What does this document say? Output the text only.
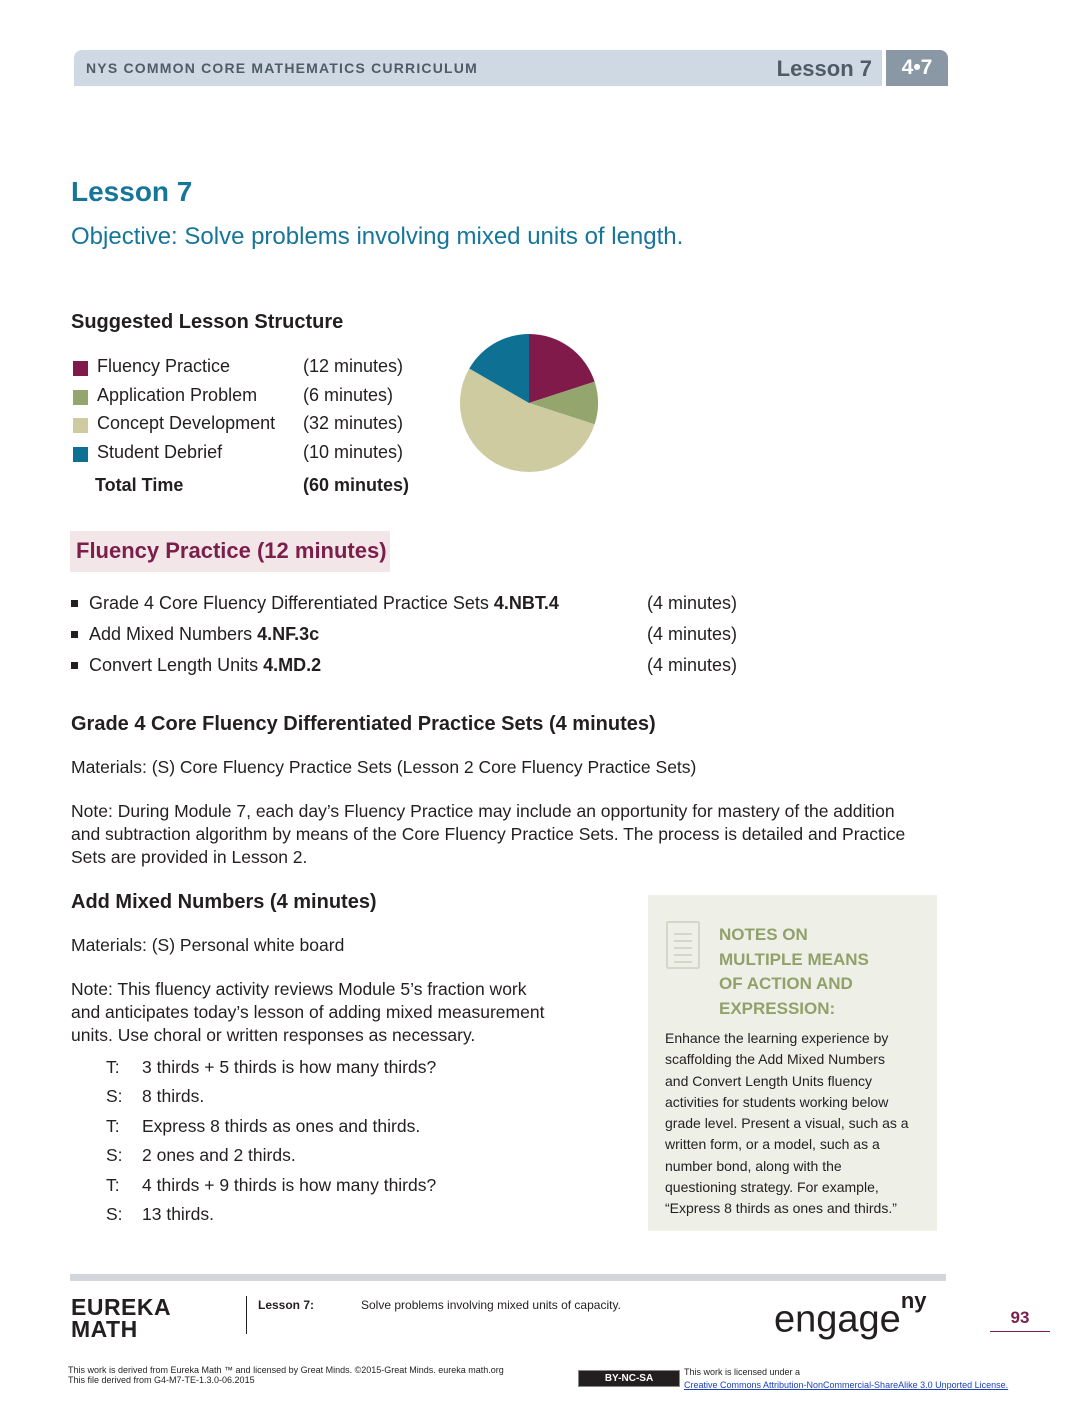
NYS COMMON CORE MATHEMATICS CURRICULUM	Lesson 7	4•7
Lesson 7
Objective: Solve problems involving mixed units of length.
Suggested Lesson Structure
Fluency Practice	(12 minutes)
Application Problem	(6 minutes)
Concept Development (32 minutes)
Student Debrief	(10 minutes)
Total Time	(60 minutes)
Fluency Practice (12 minutes)
Grade 4 Core Fluency Differentiated Practice Sets 4.NBT.4	(4 minutes)
Add Mixed Numbers 4.NF.3c	(4 minutes)
Convert Length Units 4.MD.2	(4 minutes)
Grade 4 Core Fluency Differentiated Practice Sets (4 minutes)
Materials: (S) Core Fluency Practice Sets (Lesson 2 Core Fluency Practice Sets)
Note: During Module 7, each day’s Fluency Practice may include an opportunity for mastery of the addition
and subtraction algorithm by means of the Core Fluency Practice Sets. The process is detailed and Practice
Sets are provided in Lesson 2.
Add Mixed Numbers (4 minutes)
Materials: (S) Personal white board
Note: This fluency activity reviews Module 5’s fraction work
and anticipates today’s lesson of adding mixed measurement
units. Use choral or written responses as necessary.
T: 3 thirds + 5 thirds is how many thirds?
S: 8 thirds.
T: Express 8 thirds as ones and thirds.
S: 2 ones and 2 thirds.
T: 4 thirds + 9 thirds is how many thirds?
S: 13 thirds.
NOTES ON
MULTIPLE MEANS
OF ACTION AND
EXPRESSION:
Enhance the learning experience by
scaffolding the Add Mixed Numbers
and Convert Length Units fluency
activities for students working below
grade level. Present a visual, such as a
written form, or a model, such as a
number bond, along with the
questioning strategy. For example,
“Express 8 thirds as ones and thirds.”
EUREKA
MATH
Lesson 7:	Solve problems involving mixed units of capacity.	engage$^{ny}$
93
This work is derived from Eureka Math ™ and licensed by Great Minds. ©2015-Great Minds. eureka math.org
This file derived from G4-M7-TE-1.3.0-06.2015	BY-NC-SA
This work is licensed under a
Creative Commons Attribution-NonCommercial-ShareAlike 3.0 Unported License.
